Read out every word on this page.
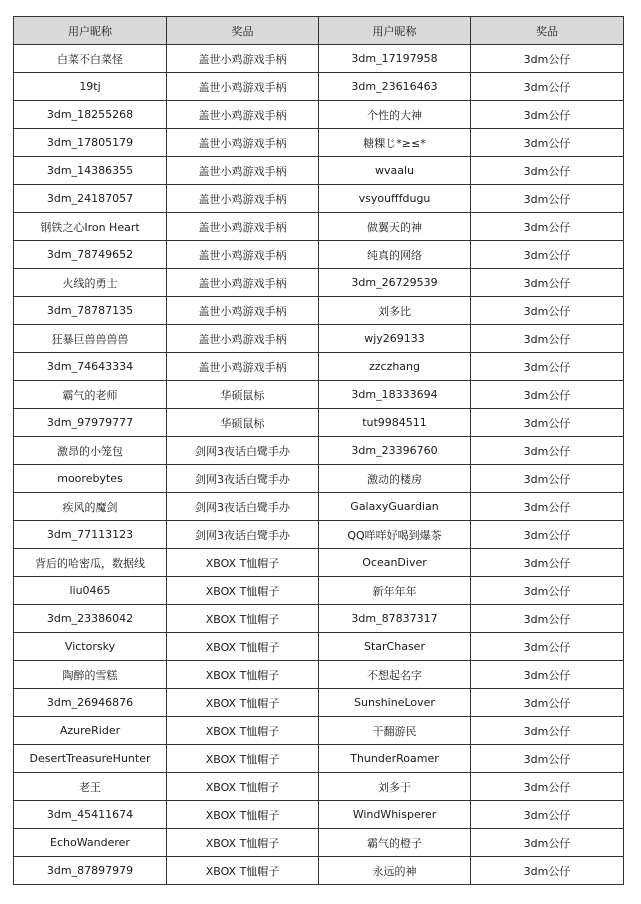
用户昵称	奖品	用户昵称	奖品
白菜不白菜怪	盖世小鸡游戏手柄	3dm_17197958	3dm公仔
19tj	盖世小鸡游戏手柄	3dm_23616463	3dm公仔
3dm_18255268	盖世小鸡游戏手柄	个性的大神	3dm公仔
3dm_17805179	盖世小鸡游戏手柄	糖粿じ*≥≤*	3dm公仔
3dm_14386355	盖世小鸡游戏手柄	wvaalu	3dm公仔
3dm_24187057	盖世小鸡游戏手柄	vsyoufffdugu	3dm公仔
钢铁之心Iron Heart	盖世小鸡游戏手柄	做翼天的神	3dm公仔
3dm_78749652	盖世小鸡游戏手柄	纯真的网络	3dm公仔
火线的勇士	盖世小鸡游戏手柄	3dm_26729539	3dm公仔
3dm_78787135	盖世小鸡游戏手柄	刘多比	3dm公仔
狂暴巨兽兽兽兽	盖世小鸡游戏手柄	wjy269133	3dm公仔
3dm_74643334	盖世小鸡游戏手柄	zzczhang	3dm公仔
霸气的老师	华硕鼠标	3dm_18333694	3dm公仔
3dm_97979777	华硕鼠标	tut9984511	3dm公仔
激昂的小笼包	剑网3夜话白鹭手办	3dm_23396760	3dm公仔
moorebytes	剑网3夜话白鹭手办	激动的楼房	3dm公仔
疾风的魔剑	剑网3夜话白鹭手办	GalaxyGuardian	3dm公仔
3dm_77113123	剑网3夜话白鹭手办	QQ咩咩好喝到爆茶	3dm公仔
背后的哈密瓜，数据线	XBOX T恤帽子	OceanDiver	3dm公仔
liu0465	XBOX T恤帽子	新年年年	3dm公仔
3dm_23386042	XBOX T恤帽子	3dm_87837317	3dm公仔
Victorsky	XBOX T恤帽子	StarChaser	3dm公仔
陶醉的雪糕	XBOX T恤帽子	不想起名字	3dm公仔
3dm_26946876	XBOX T恤帽子	SunshineLover	3dm公仔
AzureRider	XBOX T恤帽子	干翻游民	3dm公仔
DesertTreasureHunter	XBOX T恤帽子	ThunderRoamer	3dm公仔
老王	XBOX T恤帽子	刘多于	3dm公仔
3dm_45411674	XBOX T恤帽子	WindWhisperer	3dm公仔
EchoWanderer	XBOX T恤帽子	霸气的橙子	3dm公仔
3dm_87897979	XBOX T恤帽子	永远的神	3dm公仔
